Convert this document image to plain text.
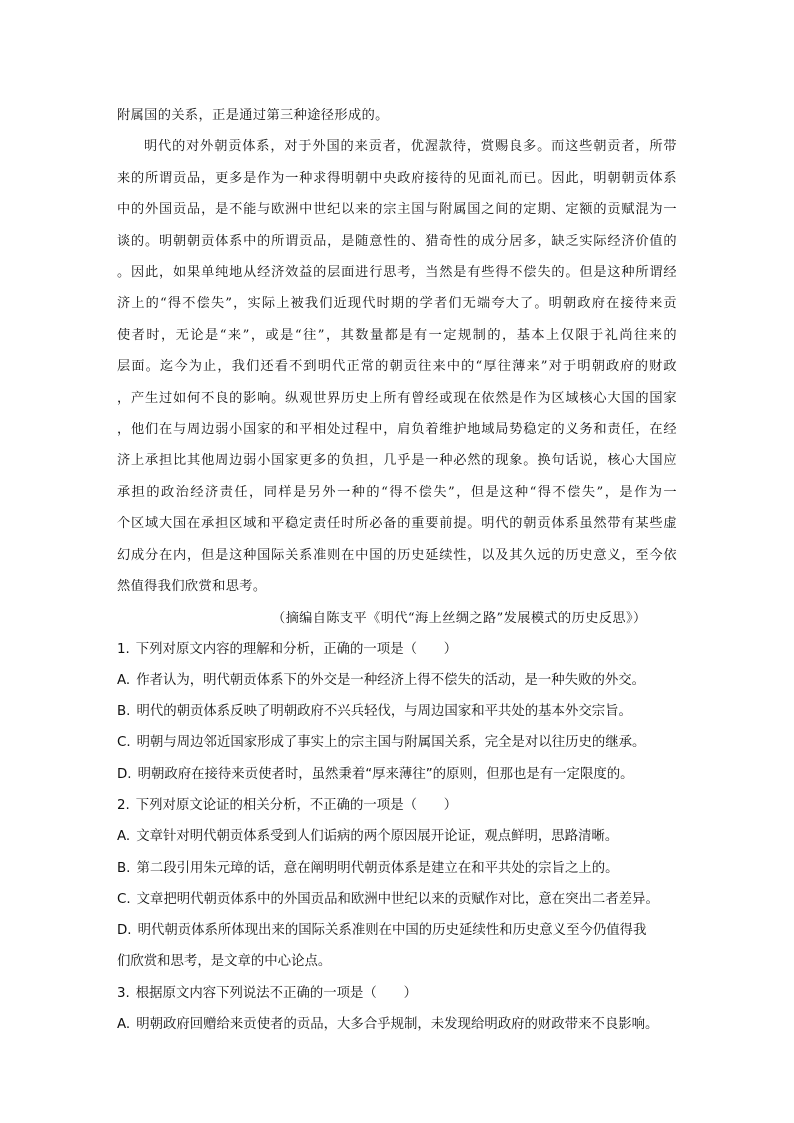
附属国的关系，正是通过第三种途径形成的。
明代的对外朝贡体系，对于外国的来贡者，优渥款待，赏赐良多。而这些朝贡者，所带
来的所谓贡品，更多是作为一种求得明朝中央政府接待的见面礼而已。因此，明朝朝贡体系
中的外国贡品，是不能与欧洲中世纪以来的宗主国与附属国之间的定期、定额的贡赋混为一
谈的。明朝朝贡体系中的所谓贡品，是随意性的、猎奇性的成分居多，缺乏实际经济价值的
。因此，如果单纯地从经济效益的层面进行思考，当然是有些得不偿失的。但是这种所谓经
济上的“得不偿失”，实际上被我们近现代时期的学者们无端夸大了。明朝政府在接待来贡
使者时，无论是“来”，或是“往”，其数量都是有一定规制的，基本上仅限于礼尚往来的
层面。迄今为止，我们还看不到明代正常的朝贡往来中的“厚往薄来”对于明朝政府的财政
，产生过如何不良的影响。纵观世界历史上所有曾经或现在依然是作为区域核心大国的国家
，他们在与周边弱小国家的和平相处过程中，肩负着维护地域局势稳定的义务和责任，在经
济上承担比其他周边弱小国家更多的负担，几乎是一种必然的现象。换句话说，核心大国应
承担的政治经济责任，同样是另外一种的“得不偿失”，但是这种“得不偿失”，是作为一
个区域大国在承担区域和平稳定责任时所必备的重要前提。明代的朝贡体系虽然带有某些虚
幻成分在内，但是这种国际关系准则在中国的历史延续性，以及其久远的历史意义，至今依
然值得我们欣赏和思考。
（摘编自陈支平《明代“海上丝绸之路”发展模式的历史反思》）
1. 下列对原文内容的理解和分析，正确的一项是（　　）
A. 作者认为，明代朝贡体系下的外交是一种经济上得不偿失的活动，是一种失败的外交。
B. 明代的朝贡体系反映了明朝政府不兴兵轻伐，与周边国家和平共处的基本外交宗旨。
C. 明朝与周边邻近国家形成了事实上的宗主国与附属国关系，完全是对以往历史的继承。
D. 明朝政府在接待来贡使者时，虽然秉着“厚来薄往”的原则，但那也是有一定限度的。
2. 下列对原文论证的相关分析，不正确的一项是（　　）
A. 文章针对明代朝贡体系受到人们诟病的两个原因展开论证，观点鲜明，思路清晰。
B. 第二段引用朱元璋的话，意在阐明明代朝贡体系是建立在和平共处的宗旨之上的。
C. 文章把明代朝贡体系中的外国贡品和欧洲中世纪以来的贡赋作对比，意在突出二者差异。
D. 明代朝贡体系所体现出来的国际关系准则在中国的历史延续性和历史意义至今仍值得我
们欣赏和思考，是文章的中心论点。
3. 根据原文内容下列说法不正确的一项是（　　）
A. 明朝政府回赠给来贡使者的贡品，大多合乎规制，未发现给明政府的财政带来不良影响。
